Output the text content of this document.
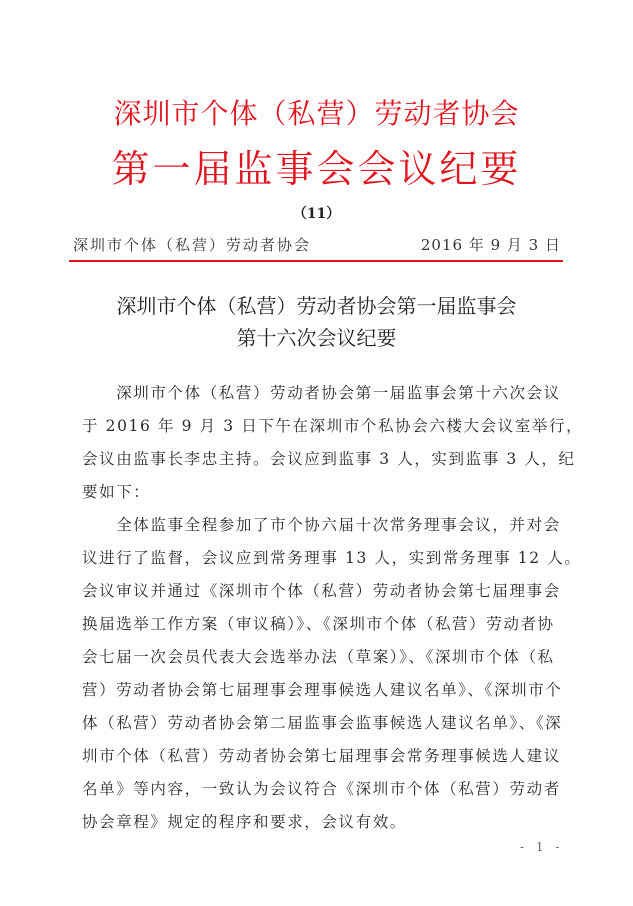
深圳市个体（私营）劳动者协会
第一届监事会会议纪要
（11）
深圳市个体（私营）劳动者协会	2016 年 9 月 3 日
深圳市个体（私营）劳动者协会第一届监事会
第十六次会议纪要
　　深圳市个体（私营）劳动者协会第一届监事会第十六次会议
于 2016 年 9 月 3 日下午在深圳市个私协会六楼大会议室举行，
会议由监事长李忠主持。会议应到监事 3 人，实到监事 3 人，纪
要如下：
　　全体监事全程参加了市个协六届十次常务理事会议，并对会
议进行了监督，会议应到常务理事 13 人，实到常务理事 12 人。
会议审议并通过《深圳市个体（私营）劳动者协会第七届理事会
换届选举工作方案（审议稿）》、《深圳市个体（私营）劳动者协
会七届一次会员代表大会选举办法（草案）》、《深圳市个体（私
营）劳动者协会第七届理事会理事候选人建议名单》、《深圳市个
体（私营）劳动者协会第二届监事会监事候选人建议名单》、《深
圳市个体（私营）劳动者协会第七届理事会常务理事候选人建议
名单》等内容，一致认为会议符合《深圳市个体（私营）劳动者
协会章程》规定的程序和要求，会议有效。
- 1 -
